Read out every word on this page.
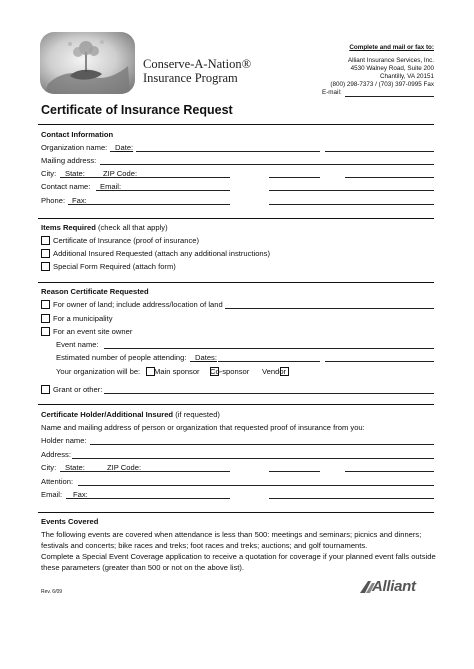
Conserve-A-Nation®
Insurance Program
Complete and mail or fax to:
Alliant Insurance Services, Inc.
4530 Walney Road, Suite 200
Chantilly, VA 20151
(800) 298-7373 / (703) 397-0995 Fax
E-mail:
Certificate of Insurance Request
Contact Information
Organization name: Date:
Mailing address:
City: State: ZIP Code:
Contact name: Email:
Phone: Fax:
Items Required (check all that apply)
Certificate of Insurance (proof of insurance)
Additional Insured Requested (attach any additional instructions)
Special Form Required (attach form)
Reason Certificate Requested
For owner of land; include address/location of land
For a municipality
For an event site owner
Event name:
Estimated number of people attending: Dates:
Your organization will be: Main sponsor Co-sponsor Vendor
Grant or other:
Certificate Holder/Additional Insured (if requested)
Name and mailing address of person or organization that requested proof of insurance from you:
Holder name:
Address:
City: State:	ZIP Code:
Attention:
Email: Fax:
Events Covered
The following events are covered when attendance is less than 500: meetings and seminars; picnics and dinners; festivals and concerts; bike races and treks; foot races and treks; auctions; and golf tournaments.
Complete a Special Event Coverage application to receive a quotation for coverage if your planned event falls outside these parameters (greater than 500 or not on the above list).
Rev. 6/09	Alliant
